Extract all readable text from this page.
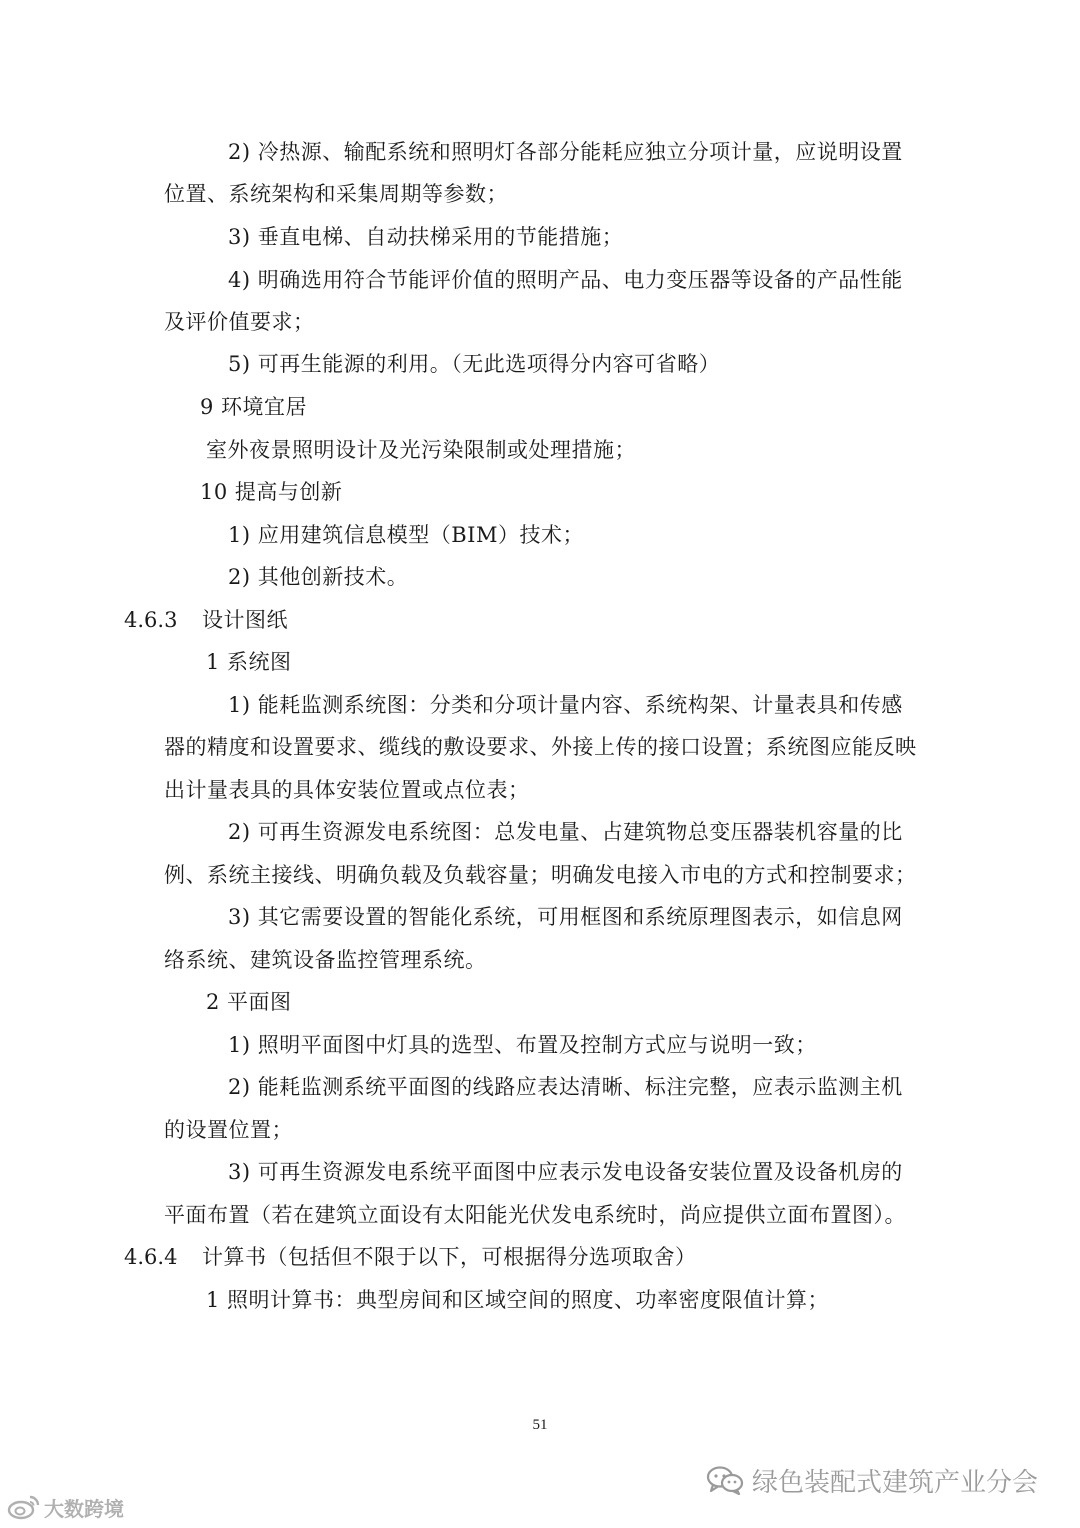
2) 冷热源、输配系统和照明灯各部分能耗应独立分项计量，应说明设置
位置、系统架构和采集周期等参数；
3) 垂直电梯、自动扶梯采用的节能措施；
4) 明确选用符合节能评价值的照明产品、电力变压器等设备的产品性能
及评价值要求；
5) 可再生能源的利用。（无此选项得分内容可省略）
9 环境宜居
室外夜景照明设计及光污染限制或处理措施；
10 提高与创新
1) 应用建筑信息模型（BIM）技术；
2) 其他创新技术。
4.6.3 设计图纸
1 系统图
1) 能耗监测系统图：分类和分项计量内容、系统构架、计量表具和传感
器的精度和设置要求、缆线的敷设要求、外接上传的接口设置；系统图应能反映
出计量表具的具体安装位置或点位表；
2) 可再生资源发电系统图：总发电量、占建筑物总变压器装机容量的比
例、系统主接线、明确负载及负载容量；明确发电接入市电的方式和控制要求；
3) 其它需要设置的智能化系统，可用框图和系统原理图表示，如信息网
络系统、建筑设备监控管理系统。
2 平面图
1) 照明平面图中灯具的选型、布置及控制方式应与说明一致；
2) 能耗监测系统平面图的线路应表达清晰、标注完整，应表示监测主机
的设置位置；
3) 可再生资源发电系统平面图中应表示发电设备安装位置及设备机房的
平面布置（若在建筑立面设有太阳能光伏发电系统时，尚应提供立面布置图）。
4.6.4 计算书（包括但不限于以下，可根据得分选项取舍）
1 照明计算书：典型房间和区域空间的照度、功率密度限值计算；
51
绿色装配式建筑产业分会
大数跨境
